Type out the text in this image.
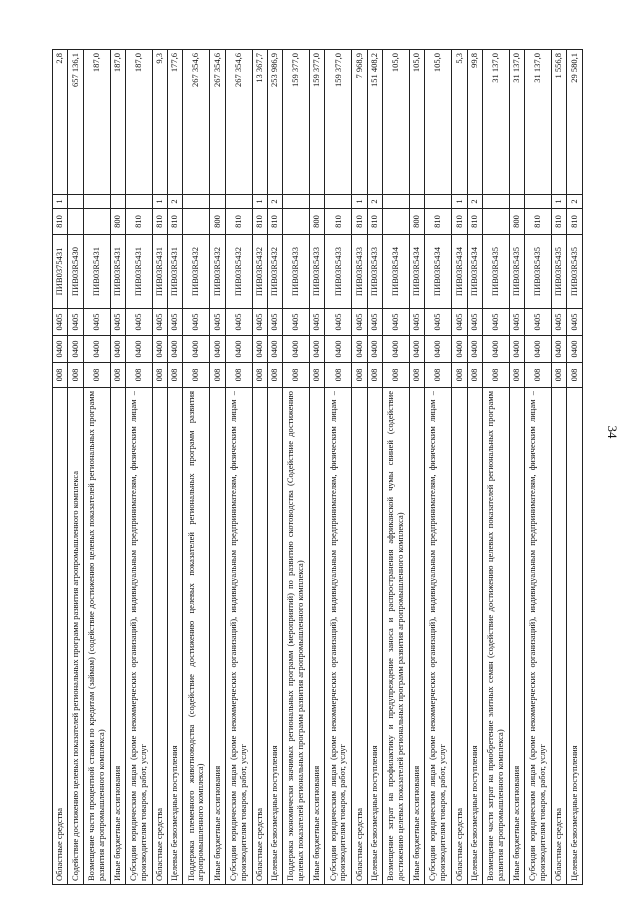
34
Областные средства	008	0400	0405	ПИВ0375431	810	1	2,8
Содействие достижению целевых показателей региональных программ развития агропромышленного комплекса	008	0400	0405	ПИВ03R5430			657 136,1
Возмещение части процентной ставки по кредитам (займам) (содействие достижению целевых показателей региональных программ развития агропромышленного комплекса)	008	0400	0405	ПИВ03R5431			187,0
Иные бюджетные ассигнования	008	0400	0405	ПИВ03R5431	800		187,0
Субсидии юридическим лицам (кроме некоммерческих организаций), индивидуальным предпринимателям, физическим лицам – производителям товаров, работ, услуг	008	0400	0405	ПИВ03R5431	810		187,0
Областные средства	008	0400	0405	ПИВ03R5431	810	1	9,3
Целевые безвозмездные поступления	008	0400	0405	ПИВ03R5431	810	2	177,6
Поддержка племенного животноводства (содействие достижению целевых показателей региональных программ развития агропромышленного комплекса)	008	0400	0405	ПИВ03R5432			267 354,6
Иные бюджетные ассигнования	008	0400	0405	ПИВ03R5432	800		267 354,6
Субсидии юридическим лицам (кроме некоммерческих организаций), индивидуальным предпринимателям, физическим лицам – производителям товаров, работ, услуг	008	0400	0405	ПИВ03R5432	810		267 354,6
Областные средства	008	0400	0405	ПИВ03R5432	810	1	13 367,7
Целевые безвозмездные поступления	008	0400	0405	ПИВ03R5432	810	2	253 986,9
Поддержка экономически значимых региональных программ (мероприятий) по развитию скотоводства (Содействие достижению целевых показателей региональных программ развития агропромышленного комплекса)	008	0400	0405	ПИВ03R5433			159 377,0
Иные бюджетные ассигнования	008	0400	0405	ПИВ03R5433	800		159 377,0
Субсидии юридическим лицам (кроме некоммерческих организаций), индивидуальным предпринимателям, физическим лицам – производителям товаров, работ, услуг	008	0400	0405	ПИВ03R5433	810		159 377,0
Областные средства	008	0400	0405	ПИВ03R5433	810	1	7 968,9
Целевые безвозмездные поступления	008	0400	0405	ПИВ03R5433	810	2	151 408,2
Возмещение затрат на профилактику и предупреждение заноса и распространения африканской чумы свиней (содействие достижению целевых показателей региональных программ развития агропромышленного комплекса)	008	0400	0405	ПИВ03R5434			105,0
Иные бюджетные ассигнования	008	0400	0405	ПИВ03R5434	800		105,0
Субсидии юридическим лицам (кроме некоммерческих организаций), индивидуальным предпринимателям, физическим лицам – производителям товаров, работ, услуг	008	0400	0405	ПИВ03R5434	810		105,0
Областные средства	008	0400	0405	ПИВ03R5434	810	1	5,3
Целевые безвозмездные поступления	008	0400	0405	ПИВ03R5434	810	2	99,8
Возмещение части затрат на приобретение элитных семян (содействие достижению целевых показателей региональных программ развития агропромышленного комплекса)	008	0400	0405	ПИВ03R5435			31 137,0
Иные бюджетные ассигнования	008	0400	0405	ПИВ03R5435	800		31 137,0
Субсидии юридическим лицам (кроме некоммерческих организаций), индивидуальным предпринимателям, физическим лицам – производителям товаров, работ, услуг	008	0400	0405	ПИВ03R5435	810		31 137,0
Областные средства	008	0400	0405	ПИВ03R5435	810	1	1 556,8
Целевые безвозмездные поступления	008	0400	0405	ПИВ03R5435	810	2	29 580,1
